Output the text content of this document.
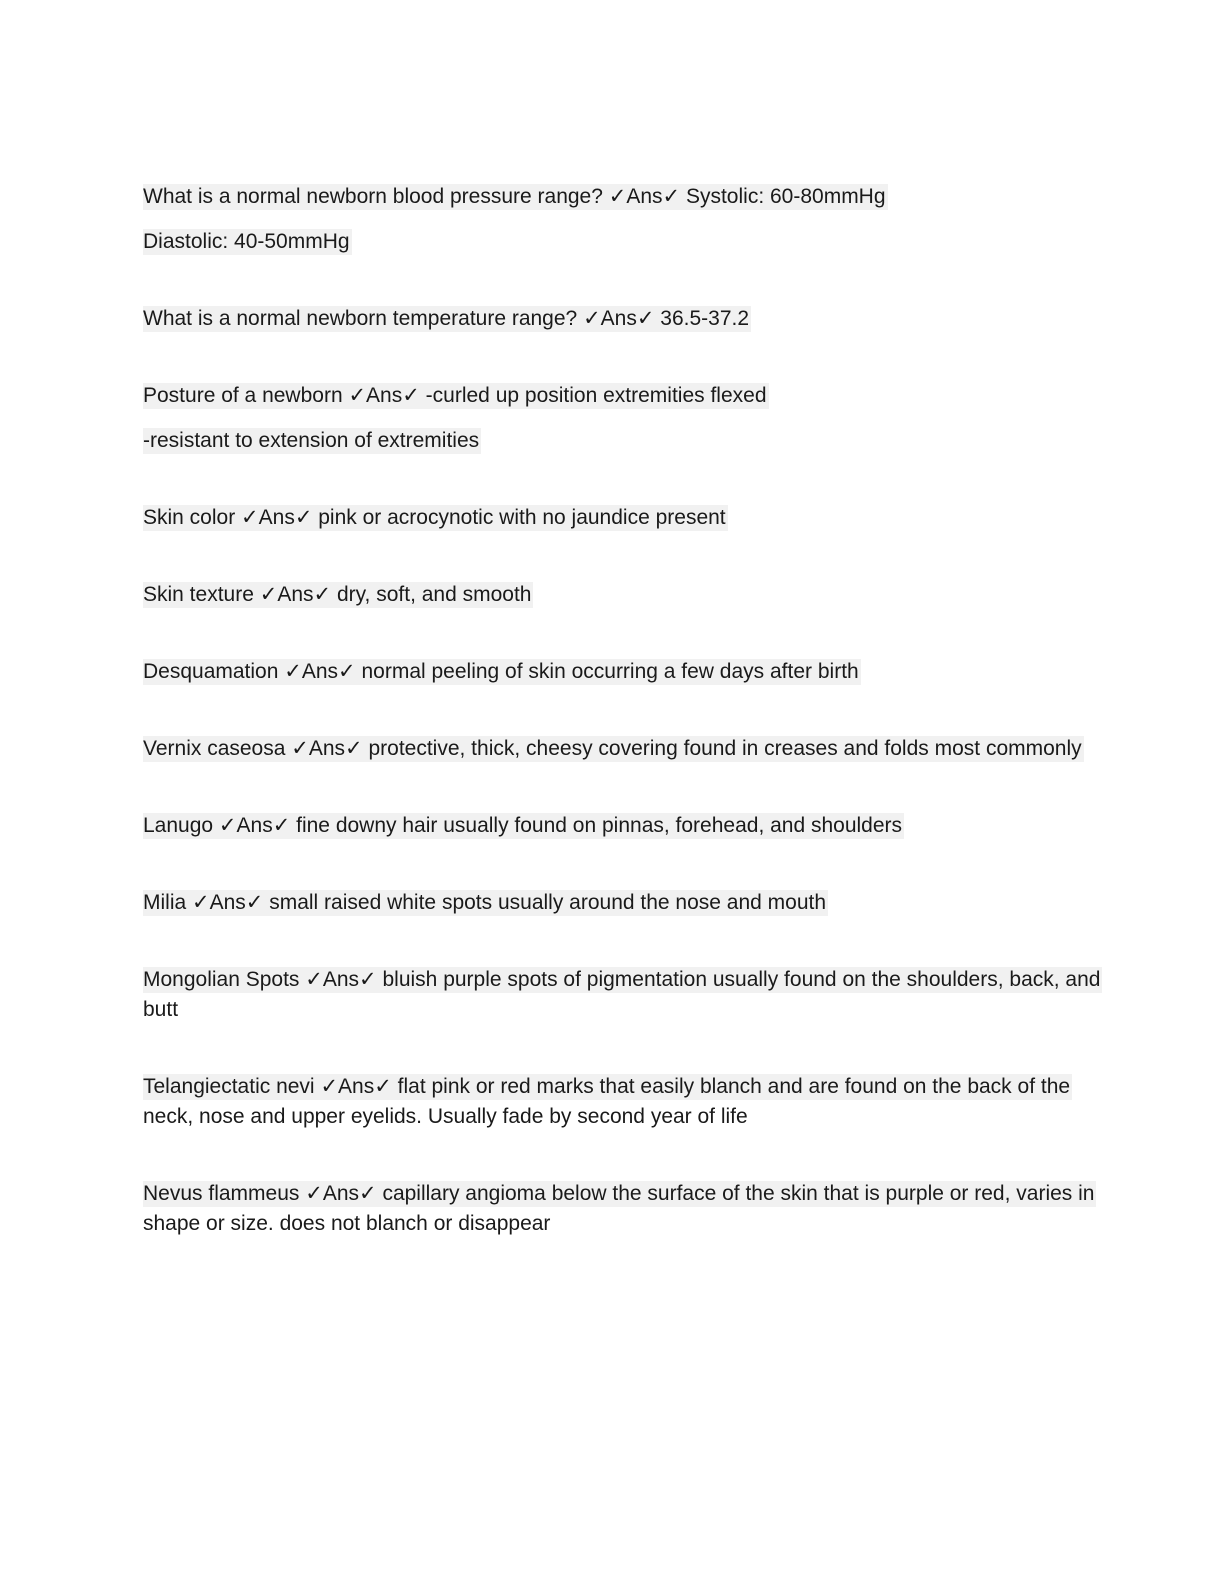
What is a normal newborn blood pressure range? ✓Ans✓ Systolic: 60-80mmHg

Diastolic: 40-50mmHg

What is a normal newborn temperature range? ✓Ans✓ 36.5-37.2

Posture of a newborn ✓Ans✓ -curled up position extremities flexed

-resistant to extension of extremities

Skin color ✓Ans✓ pink or acrocynotic with no jaundice present

Skin texture ✓Ans✓ dry, soft, and smooth

Desquamation ✓Ans✓ normal peeling of skin occurring a few days after birth

Vernix caseosa ✓Ans✓ protective, thick, cheesy covering found in creases and folds most commonly

Lanugo ✓Ans✓ fine downy hair usually found on pinnas, forehead, and shoulders

Milia ✓Ans✓ small raised white spots usually around the nose and mouth

Mongolian Spots ✓Ans✓ bluish purple spots of pigmentation usually found on the shoulders, back, and
butt

Telangiectatic nevi ✓Ans✓ flat pink or red marks that easily blanch and are found on the back of the
neck, nose and upper eyelids. Usually fade by second year of life

Nevus flammeus ✓Ans✓ capillary angioma below the surface of the skin that is purple or red, varies in
shape or size. does not blanch or disappear
